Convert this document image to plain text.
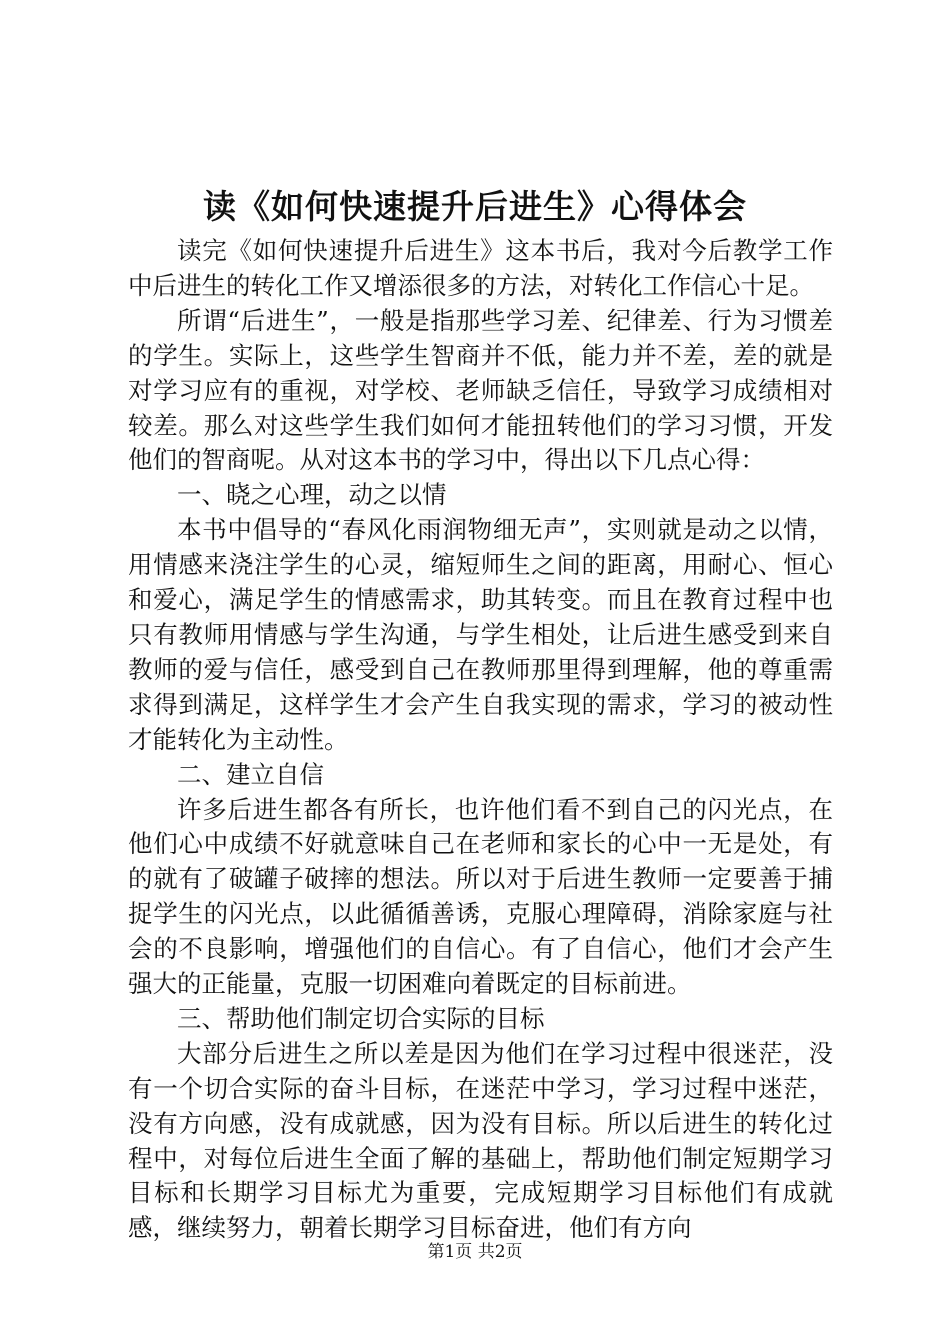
读《如何快速提升后进生》心得体会

读完《如何快速提升后进生》这本书后，我对今后教学工作中后进生的转化工作又增添很多的方法，对转化工作信心十足。

所谓“后进生”，一般是指那些学习差、纪律差、行为习惯差的学生。实际上，这些学生智商并不低，能力并不差，差的就是对学习应有的重视，对学校、老师缺乏信任，导致学习成绩相对较差。那么对这些学生我们如何才能扭转他们的学习习惯，开发他们的智商呢。从对这本书的学习中，得出以下几点心得：

一、晓之心理，动之以情

本书中倡导的“春风化雨润物细无声”，实则就是动之以情，用情感来浇注学生的心灵，缩短师生之间的距离，用耐心、恒心和爱心，满足学生的情感需求，助其转变。而且在教育过程中也只有教师用情感与学生沟通，与学生相处，让后进生感受到来自教师的爱与信任，感受到自己在教师那里得到理解，他的尊重需求得到满足，这样学生才会产生自我实现的需求，学习的被动性才能转化为主动性。

二、建立自信

许多后进生都各有所长，也许他们看不到自己的闪光点，在他们心中成绩不好就意味自己在老师和家长的心中一无是处，有的就有了破罐子破摔的想法。所以对于后进生教师一定要善于捕捉学生的闪光点，以此循循善诱，克服心理障碍，消除家庭与社会的不良影响，增强他们的自信心。有了自信心，他们才会产生强大的正能量，克服一切困难向着既定的目标前进。

三、帮助他们制定切合实际的目标

大部分后进生之所以差是因为他们在学习过程中很迷茫，没有一个切合实际的奋斗目标，在迷茫中学习，学习过程中迷茫，没有方向感，没有成就感，因为没有目标。所以后进生的转化过程中，对每位后进生全面了解的基础上，帮助他们制定短期学习目标和长期学习目标尤为重要，完成短期学习目标他们有成就感，继续努力，朝着长期学习目标奋进，他们有方向

第1页 共2页
